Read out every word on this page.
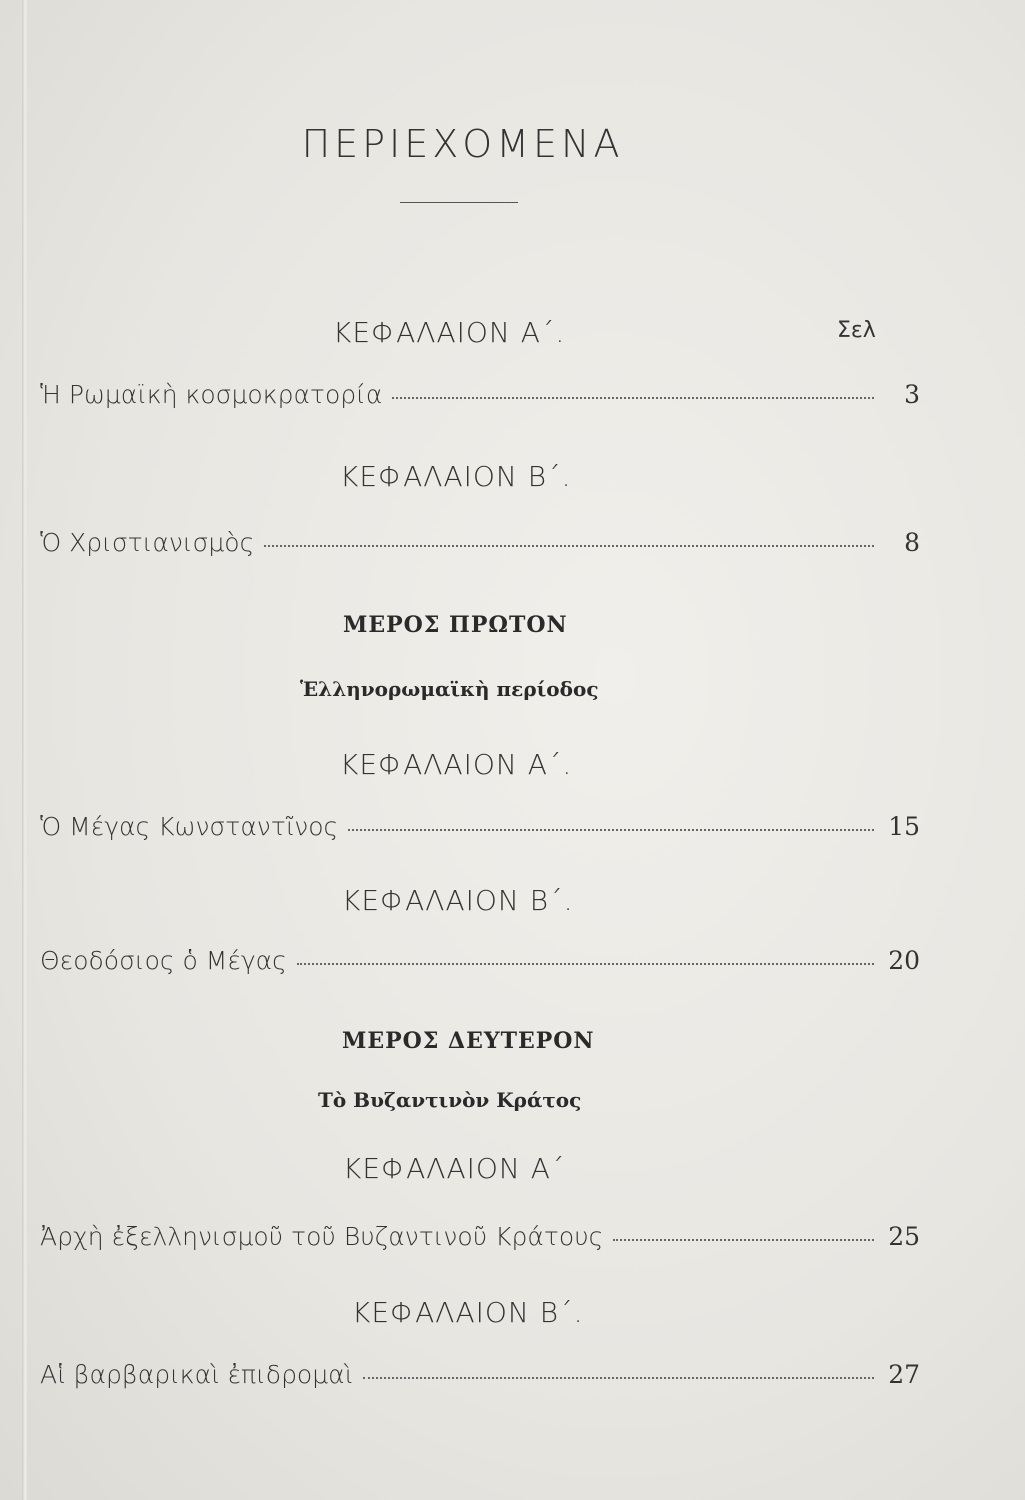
ΠΕΡΙΕΧΟΜΕΝΑ
Σελ
ΚΕΦΑΛΑΙΟΝ Α΄.
Ἡ Ρωμαϊκὴ κοσμοκρατορία	3
ΚΕΦΑΛΑΙΟΝ Β΄.
Ὁ Χριστιανισμὸς	8
ΜΕΡΟΣ ΠΡΩΤΟΝ
Ἑλληνορωμαϊκὴ περίοδος
ΚΕΦΑΛΑΙΟΝ Α΄.
Ὁ Μέγας Κωνσταντῖνος	15
ΚΕΦΑΛΑΙΟΝ Β΄.
Θεοδόσιος ὁ Μέγας	20
ΜΕΡΟΣ ΔΕΥΤΕΡΟΝ
Τὸ Βυζαντινὸν Κράτος
ΚΕΦΑΛΑΙΟΝ Α΄
Ἀρχὴ ἐξελληνισμοῦ τοῦ Βυζαντινοῦ Κράτους	25
ΚΕΦΑΛΑΙΟΝ Β΄.
Αἱ βαρβαρικαὶ ἐπιδρομαὶ	27
